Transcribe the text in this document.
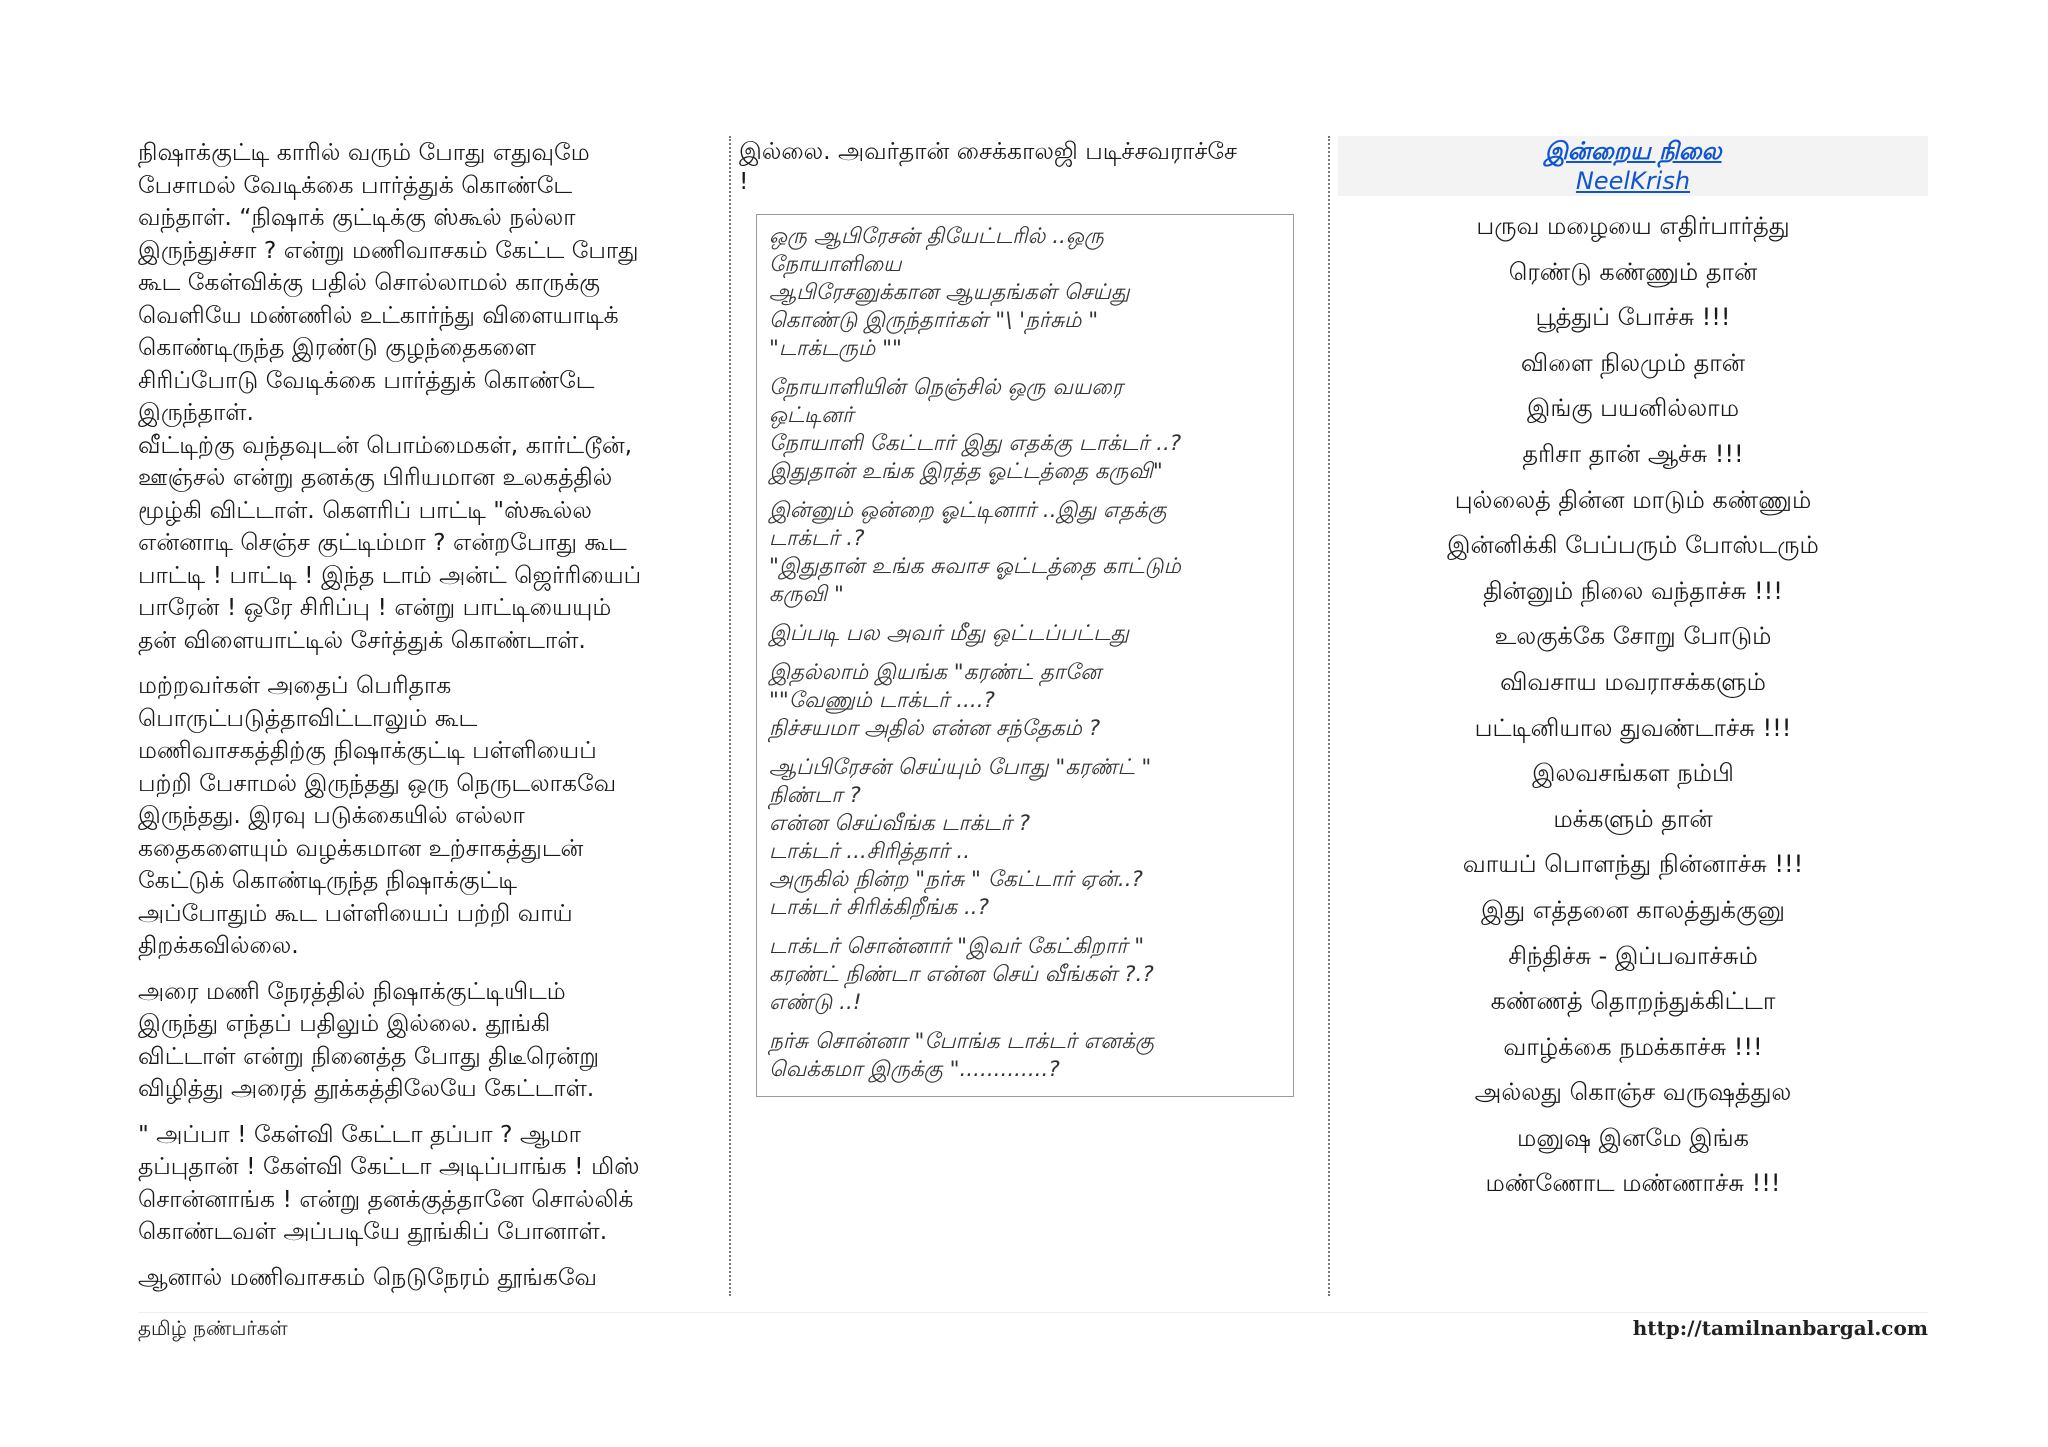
நிஷாக்குட்டி காரில் வரும் போது எதுவுமே
பேசாமல் வேடிக்கை பார்த்துக் கொண்டே
வந்தாள். “நிஷாக் குட்டிக்கு ஸ்கூல் நல்லா
இருந்துச்சா ? என்று மணிவாசகம் கேட்ட போது
கூட கேள்விக்கு பதில் சொல்லாமல் காருக்கு
வெளியே மண்ணில் உட்கார்ந்து விளையாடிக்
கொண்டிருந்த இரண்டு குழந்தைகளை
சிரிப்போடு வேடிக்கை பார்த்துக் கொண்டே
இருந்தாள்.
வீட்டிற்கு வந்தவுடன் பொம்மைகள், கார்ட்டூன்,
ஊஞ்சல் என்று தனக்கு பிரியமான உலகத்தில்
மூழ்கி விட்டாள். கௌரிப் பாட்டி "ஸ்கூல்ல
என்னாடி செஞ்ச குட்டிம்மா ? என்றபோது கூட
பாட்டி ! பாட்டி ! இந்த டாம் அன்ட் ஜெர்ரியைப்
பாரேன் ! ஒரே சிரிப்பு ! என்று பாட்டியையும்
தன் விளையாட்டில் சேர்த்துக் கொண்டாள்.

மற்றவர்கள் அதைப் பெரிதாக
பொருட்படுத்தாவிட்டாலும் கூட
மணிவாசகத்திற்கு நிஷாக்குட்டி பள்ளியைப்
பற்றி பேசாமல் இருந்தது ஒரு நெருடலாகவே
இருந்தது. இரவு படுக்கையில் எல்லா
கதைகளையும் வழக்கமான உற்சாகத்துடன்
கேட்டுக் கொண்டிருந்த நிஷாக்குட்டி
அப்போதும் கூட பள்ளியைப் பற்றி வாய்
திறக்கவில்லை.

அரை மணி நேரத்தில் நிஷாக்குட்டியிடம்
இருந்து எந்தப் பதிலும் இல்லை. தூங்கி
விட்டாள் என்று நினைத்த போது திடீரென்று
விழித்து அரைத் தூக்கத்திலேயே கேட்டாள்.

" அப்பா ! கேள்வி கேட்டா தப்பா ? ஆமா
தப்புதான் ! கேள்வி கேட்டா அடிப்பாங்க ! மிஸ்
சொன்னாங்க ! என்று தனக்குத்தானே சொல்லிக்
கொண்டவள் அப்படியே தூங்கிப் போனாள்.

ஆனால் மணிவாசகம் நெடுநேரம் தூங்கவே

இல்லை. அவர்தான் சைக்காலஜி படிச்சவராச்சே
!

ஒரு ஆபிரேசன் தியேட்டரில் ..ஒரு
நோயாளியை
ஆபிரேசனுக்கான ஆயதங்கள் செய்து
கொண்டு இருந்தார்கள் "\ 'நர்சும் "
"டாக்டரும் ""

நோயாளியின் நெஞ்சில் ஒரு வயரை
ஒட்டினர்
நோயாளி கேட்டார் இது எதக்கு டாக்டர் ..?
இதுதான் உங்க இரத்த ஓட்டத்தை கருவி"

இன்னும் ஒன்றை ஓட்டினார் ..இது எதக்கு
டாக்டர் .?
"இதுதான் உங்க சுவாச ஓட்டத்தை காட்டும்
கருவி "

இப்படி பல அவர் மீது ஒட்டப்பட்டது

இதல்லாம் இயங்க "கரண்ட் தானே
""வேணும் டாக்டர் ....?
நிச்சயமா அதில் என்ன சந்தேகம் ?

ஆப்பிரேசன் செய்யும் போது "கரண்ட் "
நிண்டா ?
என்ன செய்வீங்க டாக்டர் ?
டாக்டர் ...சிரித்தார் ..
அருகில் நின்ற "நர்சு " கேட்டார் ஏன்..?
டாக்டர் சிரிக்கிறீங்க ..?

டாக்டர் சொன்னார் "இவர் கேட்கிறார் "
கரண்ட் நிண்டா என்ன செய் வீங்கள் ?.?
எண்டு ..!

நர்சு சொன்னா "போங்க டாக்டர் எனக்கு
வெக்கமா இருக்கு ".............?

இன்றைய நிலை
NeelKrish
பருவ மழையை எதிர்பார்த்து
ரெண்டு கண்ணும் தான்
பூத்துப் போச்சு !!!
விளை நிலமும் தான்
இங்கு பயனில்லாம
தரிசா தான் ஆச்சு !!!
புல்லைத் தின்ன மாடும் கண்ணும்
இன்னிக்கி பேப்பரும் போஸ்டரும்
தின்னும் நிலை வந்தாச்சு !!!
உலகுக்கே சோறு போடும்
விவசாய மவராசக்களும்
பட்டினியால துவண்டாச்சு !!!
இலவசங்கள நம்பி
மக்களும் தான்
வாயப் பொளந்து நின்னாச்சு !!!
இது எத்தனை காலத்துக்குனு
சிந்திச்சு - இப்பவாச்சும்
கண்ணத் தொறந்துக்கிட்டா
வாழ்க்கை நமக்காச்சு !!!
அல்லது கொஞ்ச வருஷத்துல
மனுஷ இனமே இங்க
மண்ணோட மண்ணாச்சு !!!
தமிழ் நண்பர்கள்	http://tamilnanbargal.com
